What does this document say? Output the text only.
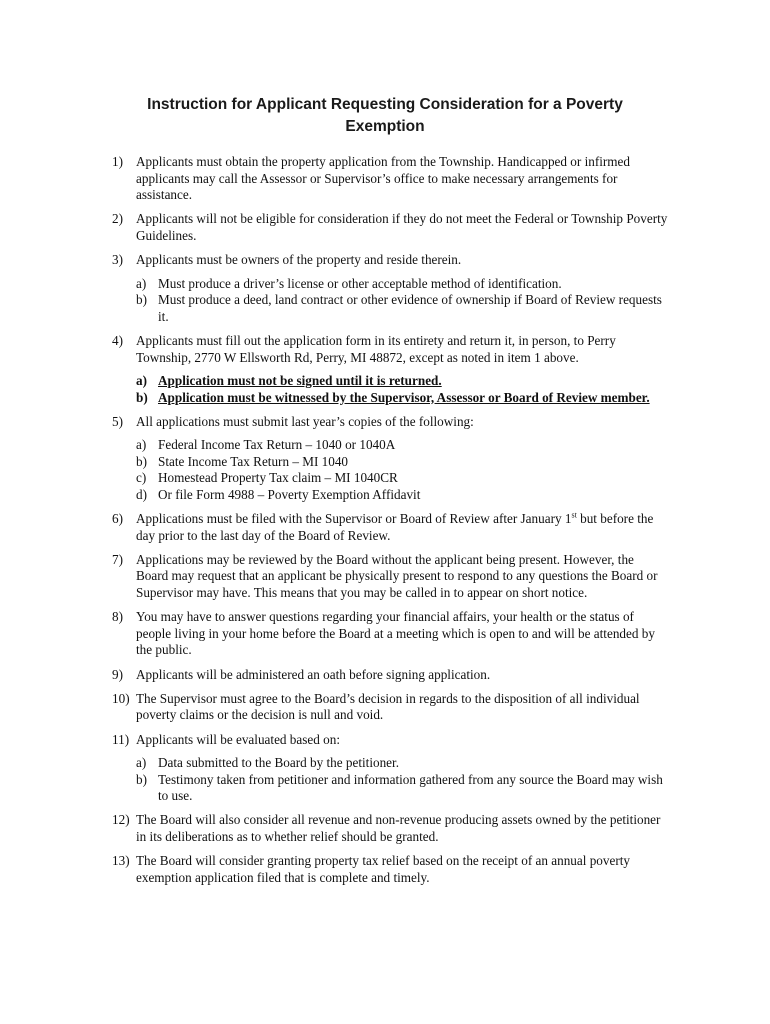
Instruction for Applicant Requesting Consideration for a Poverty Exemption
1) Applicants must obtain the property application from the Township. Handicapped or infirmed applicants may call the Assessor or Supervisor’s office to make necessary arrangements for assistance.
2) Applicants will not be eligible for consideration if they do not meet the Federal or Township Poverty Guidelines.
3) Applicants must be owners of the property and reside therein.
a) Must produce a driver’s license or other acceptable method of identification.
b) Must produce a deed, land contract or other evidence of ownership if Board of Review requests it.
4) Applicants must fill out the application form in its entirety and return it, in person, to Perry Township, 2770 W Ellsworth Rd, Perry, MI 48872, except as noted in item 1 above.
a) Application must not be signed until it is returned.
b) Application must be witnessed by the Supervisor, Assessor or Board of Review member.
5) All applications must submit last year’s copies of the following:
a) Federal Income Tax Return – 1040 or 1040A
b) State Income Tax Return – MI 1040
c) Homestead Property Tax claim – MI 1040CR
d) Or file Form 4988 – Poverty Exemption Affidavit
6) Applications must be filed with the Supervisor or Board of Review after January 1st but before the day prior to the last day of the Board of Review.
7) Applications may be reviewed by the Board without the applicant being present. However, the Board may request that an applicant be physically present to respond to any questions the Board or Supervisor may have. This means that you may be called in to appear on short notice.
8) You may have to answer questions regarding your financial affairs, your health or the status of people living in your home before the Board at a meeting which is open to and will be attended by the public.
9) Applicants will be administered an oath before signing application.
10) The Supervisor must agree to the Board’s decision in regards to the disposition of all individual poverty claims or the decision is null and void.
11) Applicants will be evaluated based on:
a) Data submitted to the Board by the petitioner.
b) Testimony taken from petitioner and information gathered from any source the Board may wish to use.
12) The Board will also consider all revenue and non-revenue producing assets owned by the petitioner in its deliberations as to whether relief should be granted.
13) The Board will consider granting property tax relief based on the receipt of an annual poverty exemption application filed that is complete and timely.
